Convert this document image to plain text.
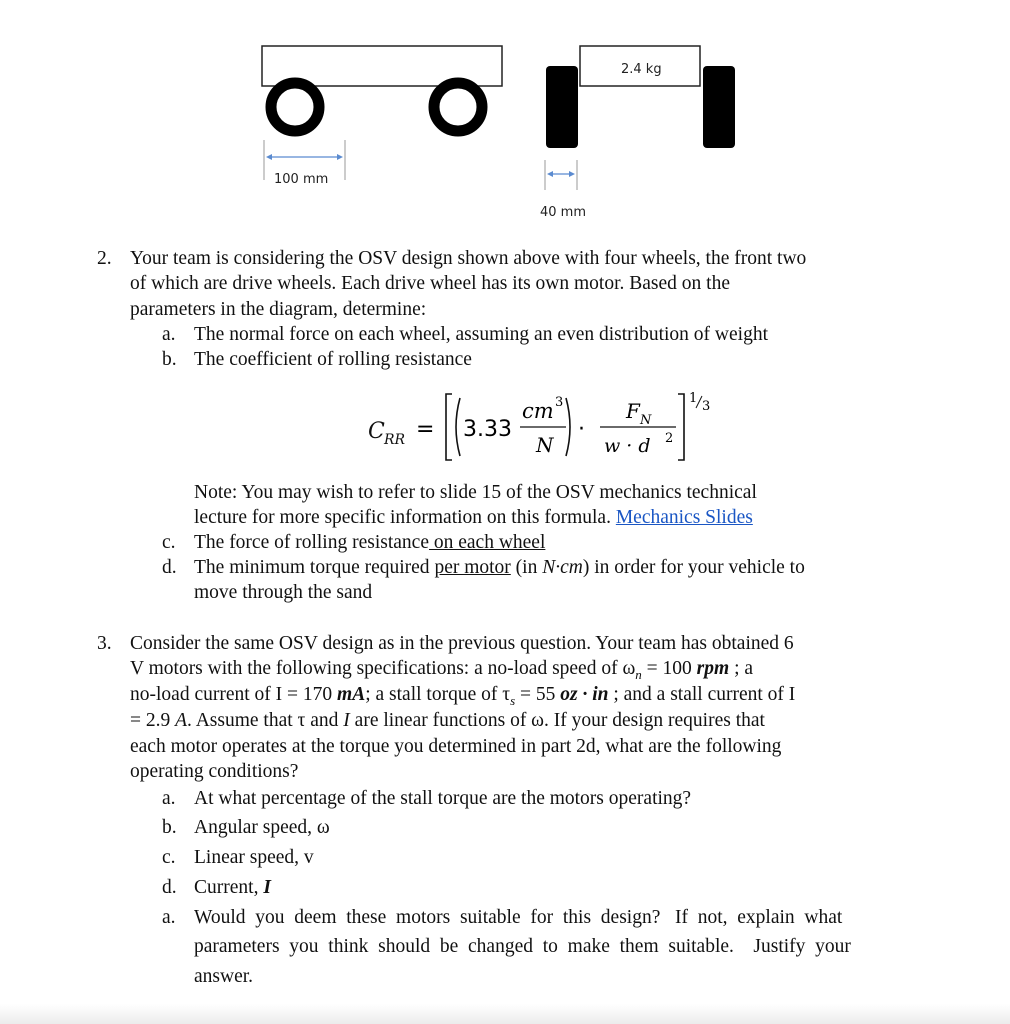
2.4 kg
100 mm
40 mm
2. Your team is considering the OSV design shown above with four wheels, the front two
of which are drive wheels. Each drive wheel has its own motor. Based on the
parameters in the diagram, determine:
a. The normal force on each wheel, assuming an even distribution of weight
b. The coefficient of rolling resistance
C RR = 3.33
cm 3
N
·
F N
w · d 2
1
3
Note: You may wish to refer to slide 15 of the OSV mechanics technical
lecture for more specific information on this formula. Mechanics Slides
c. The force of rolling resistance on each wheel
d. The minimum torque required per motor (in N·cm) in order for your vehicle to
move through the sand
3. Consider the same OSV design as in the previous question. Your team has obtained 6
V motors with the following specifications: a no-load speed of $\omega_n = 100$ rpm ; a
no-load current of I = 170 mA; a stall torque of $\tau_s = 55$ oz · in ; and a stall current of I
= 2.9 A. Assume that τ and I are linear functions of ω. If your design requires that
each motor operates at the torque you determined in part 2d, what are the following
operating conditions?
a. At what percentage of the stall torque are the motors operating?
b. Angular speed, ω
c. Linear speed, v
d. Current, I
a. Would  you  deem  these  motors  suitable  for  this  design?   If  not,  explain  what
parameters  you  think  should  be  changed  to  make  them  suitable.    Justify  your
answer.
